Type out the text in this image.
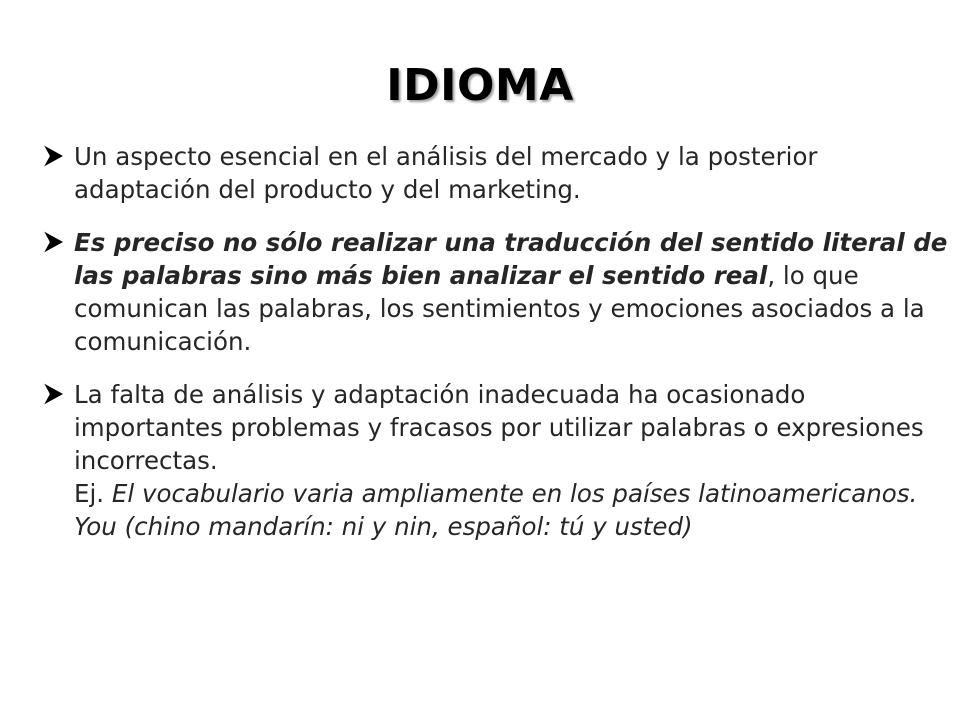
IDIOMA

Un aspecto esencial en el análisis del mercado y la posterior adaptación del producto y del marketing.

Es preciso no sólo realizar una traducción del sentido literal de las palabras sino más bien analizar el sentido real, lo que comunican las palabras, los sentimientos y emociones asociados a la comunicación.

La falta de análisis y adaptación inadecuada ha ocasionado importantes problemas y fracasos por utilizar palabras o expresiones incorrectas.

Ej. El vocabulario varia ampliamente en los países latinoamericanos.

You (chino mandarín: ni y nin, español: tú y usted)
